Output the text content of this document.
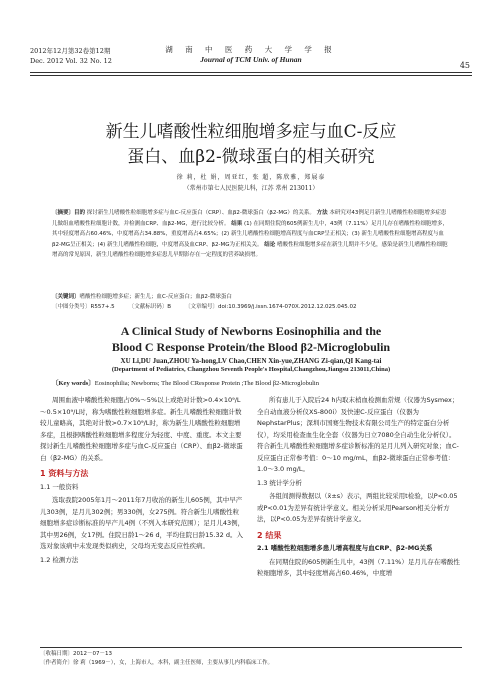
2012年12月第32卷第12期
Dec. 2012 Vol. 32 No. 12
湖 南 中 医 药 大 学 学 报
Journal of TCM Univ. of Hunan
45
新生儿嗜酸性粒细胞增多症与血C-反应
蛋白、血β2-微球蛋白的相关研究
徐 莉，杜 娟，周亚红，张 超，陈欣雅，郑展泰
（常州市第七人民医院儿科，江苏 常州 213011）
〔摘要〕目的 探讨新生儿嗜酸性粒细胞增多症与血C-反应蛋白（CRP）、血β2-微球蛋白（β2-MG）的关系。 方法 本研究对43例足月新生儿嗜酸性粒细胞增多症患儿做组血嗜酸性粒细胞计数，并检测血CRP、血β2-MG，进行比较分析。 结果 (1) 在同期住院的605例新生儿中，43例（7.11%）足月儿存在嗜酸性粒细胞增多，其中轻度增高占60.46%，中度增高占34.88%，重度增高占4.65%；(2) 新生儿嗜酸性粒细胞增高程度与血CRP呈正相关；(3) 新生儿嗜酸性粒细胞增高程度与血β2-MG呈正相关；(4) 新生儿嗜酸性粒细胞，中度增高及血CRP、β2-MG为正相关关。 结论 嗜酸性粒细胞增多症在新生儿期并不少见，感染是新生儿嗜酸性粒细胞增高的常见原因，新生儿嗜酸性粒细胞增多症患儿早期影存在一定程度的营养缺损增。
〔关键词〕嗜酸性粒细胞增多症；新生儿；血C-反应蛋白；血β2-微球蛋白
〔中图分类号〕R557+.5	〔文献标识码〕B	〔文章编号〕doi:10.3969/j.issn.1674-070X.2012.12.025.045.02
A Clinical Study of Newborns Eosinophilia and the
Blood C Response Protein/the Blood β2-Microglobulin
XU Li,DU Juan,ZHOU Ya-hong,LV Chao,CHEN Xin-yue,ZHANG Zi-qian,QI Kang-tai
(Department of Pediatrics, Changzhou Seventh People's Hospital,Changzhou,Jiangsu 213011,China)
〔Key words〕Eosinophilia; Newborns; The Blood CResponse Protein ;The Blood β2-Microglobulin

周围血液中嗜酸性粒细胞占0%～5%以上或绝对计数>0.4×10⁹/L～0.5×10⁹/L时，称为嗜酸性粒细胞增多症。新生儿嗜酸性粒细胞计数较儿童略高，其绝对计数>0.7×10⁹/L时，称为新生儿嗜酸性粒细胞增多症，且根据嗜酸性粒细胞增多程度分为轻度、中度、重度。本文主要探讨新生儿嗜酸性粒细胞增多症与血C-反应蛋白（CRP）、血β2-微球蛋白（β2-MG）的关系。

1 资料与方法
1.1 一般资料

选取我院2005年1月～2011年7月收治的新生儿605例，其中早产儿303例，足月儿302例；男330例，女275例。符合新生儿嗜酸性粒细胞增多症诊断标准的早产儿4例（不列入本研究范围）；足月儿43例，其中男26例，女17例。住院日龄1～26 d，平均住院日龄15.32 d。入选对象该病中未发现类似病史，父母均无变态反应性疾病。

1.2 检测方法

所有患儿于入院后24 h内取末梢血检测血常规（仪器为Sysmex；全自动血液分析仪XS-800i）及快速C-反应蛋白（仪器为NephstarPlus；深圳市国赛生物技术有限公司生产的特定蛋白分析仪），均采用检查血生化全套（仪器为日立7080全自动生化分析仪）。符合新生儿嗜酸性粒细胞增多症诊断标准的足月儿列入研究对象；血C-反应蛋白正常参考值：0～10 mg/mL，血β2-微球蛋白正常参考值：1.0～3.0 mg/L。

1.3 统计学分析

各组间测得数据以（x̄±s）表示，两组比较采用t检验，以P<0.05或P<0.01为差异有统计学意义。相关分析采用Pearson相关分析方法，以P<0.05为差异有统计学意义。

2 结果
2.1 嗜酸性粒细胞增多患儿增高程度与血CRP、β2-MG关系

在同期住院的605例新生儿中，43例（7.11%）足月儿存在嗜酸性粒细胞增多，其中轻度增高占60.46%，中度增

〔收稿日期〕2012－07－13
〔作者简介〕徐 莉（1969－），女，上海市人，本科，副主任医师，主要从事儿内科临床工作。
